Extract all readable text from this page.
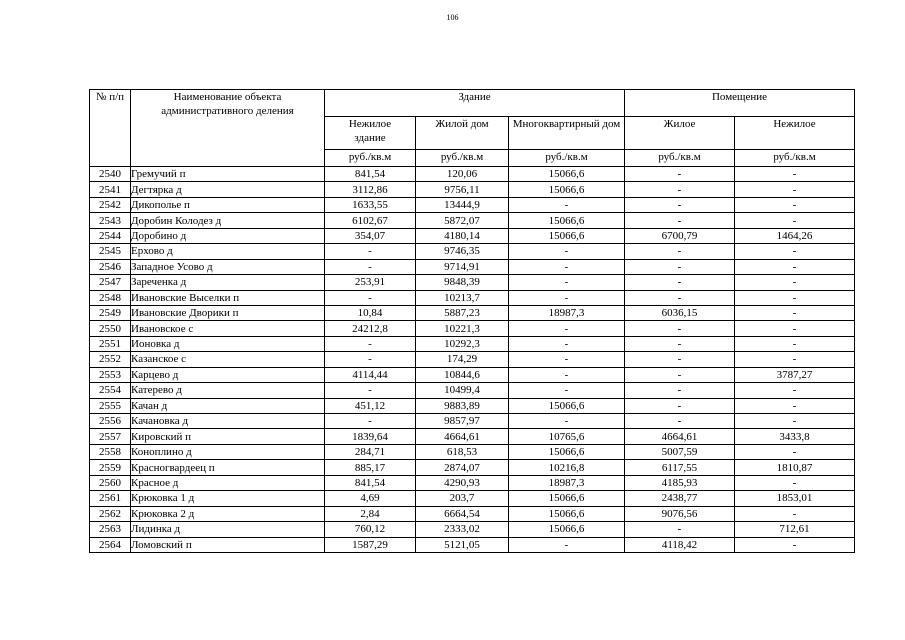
106
№ п/п	Наименование объекта административного деления	Здание			Помещение	

		Нежилое здание	Жилой дом	Многоквартирный дом	Жилое	Нежилое
		руб./кв.м	руб./кв.м	руб./кв.м	руб./кв.м	руб./кв.м
2540	Гремучий п	841,54	120,06	15066,6	-	-
2541	Дегтярка д	3112,86	9756,11	15066,6	-	-
2542	Дикополье п	1633,55	13444,9	-	-	-
2543	Доробин Колодез д	6102,67	5872,07	15066,6	-	-
2544	Доробино д	354,07	4180,14	15066,6	6700,79	1464,26
2545	Ерхово д	-	9746,35	-	-	-
2546	Западное Усово д	-	9714,91	-	-	-
2547	Зареченка д	253,91	9848,39	-	-	-
2548	Ивановские Выселки п	-	10213,7	-	-	-
2549	Ивановские Дворики п	10,84	5887,23	18987,3	6036,15	-
2550	Ивановское с	24212,8	10221,3	-	-	-
2551	Ионовка д	-	10292,3	-	-	-
2552	Казанское с	-	174,29	-	-	-
2553	Карцево д	4114,44	10844,6	-	-	3787,27
2554	Катерево д	-	10499,4	-	-	-
2555	Качан д	451,12	9883,89	15066,6	-	-
2556	Качановка д	-	9857,97	-	-	-
2557	Кировский п	1839,64	4664,61	10765,6	4664,61	3433,8
2558	Коноплино д	284,71	618,53	15066,6	5007,59	-
2559	Красногвардеец п	885,17	2874,07	10216,8	6117,55	1810,87
2560	Красное д	841,54	4290,93	18987,3	4185,93	-
2561	Крюковка 1 д	4,69	203,7	15066,6	2438,77	1853,01
2562	Крюковка 2 д	2,84	6664,54	15066,6	9076,56	-
2563	Лидинка д	760,12	2333,02	15066,6	-	712,61
2564	Ломовский п	1587,29	5121,05	-	4118,42	-
